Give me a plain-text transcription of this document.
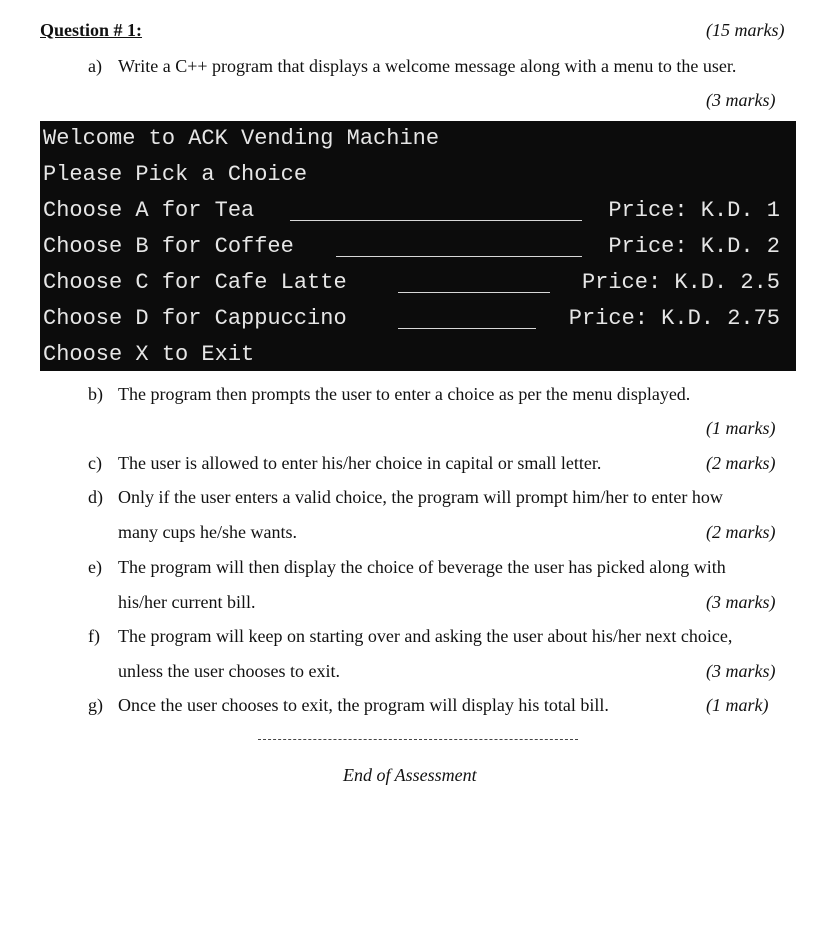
Question # 1:	(15 marks)
a) Write a C++ program that displays a welcome message along with a menu to the user.
(3 marks)
Welcome to ACK Vending Machine
Please Pick a Choice
Choose A for Tea	Price: K.D. 1
Choose B for Coffee	Price: K.D. 2
Choose C for Cafe Latte	Price: K.D. 2.5
Choose D for Cappuccino	Price: K.D. 2.75
Choose X to Exit
b) The program then prompts the user to enter a choice as per the menu displayed.
(1 marks)
c) The user is allowed to enter his/her choice in capital or small letter.	(2 marks)
d) Only if the user enters a valid choice, the program will prompt him/her to enter how
many cups he/she wants.	(2 marks)
e) The program will then display the choice of beverage the user has picked along with
his/her current bill.	(3 marks)
f) The program will keep on starting over and asking the user about his/her next choice,
unless the user chooses to exit.	(3 marks)
g) Once the user chooses to exit, the program will display his total bill.	(1 mark)
End of Assessment
